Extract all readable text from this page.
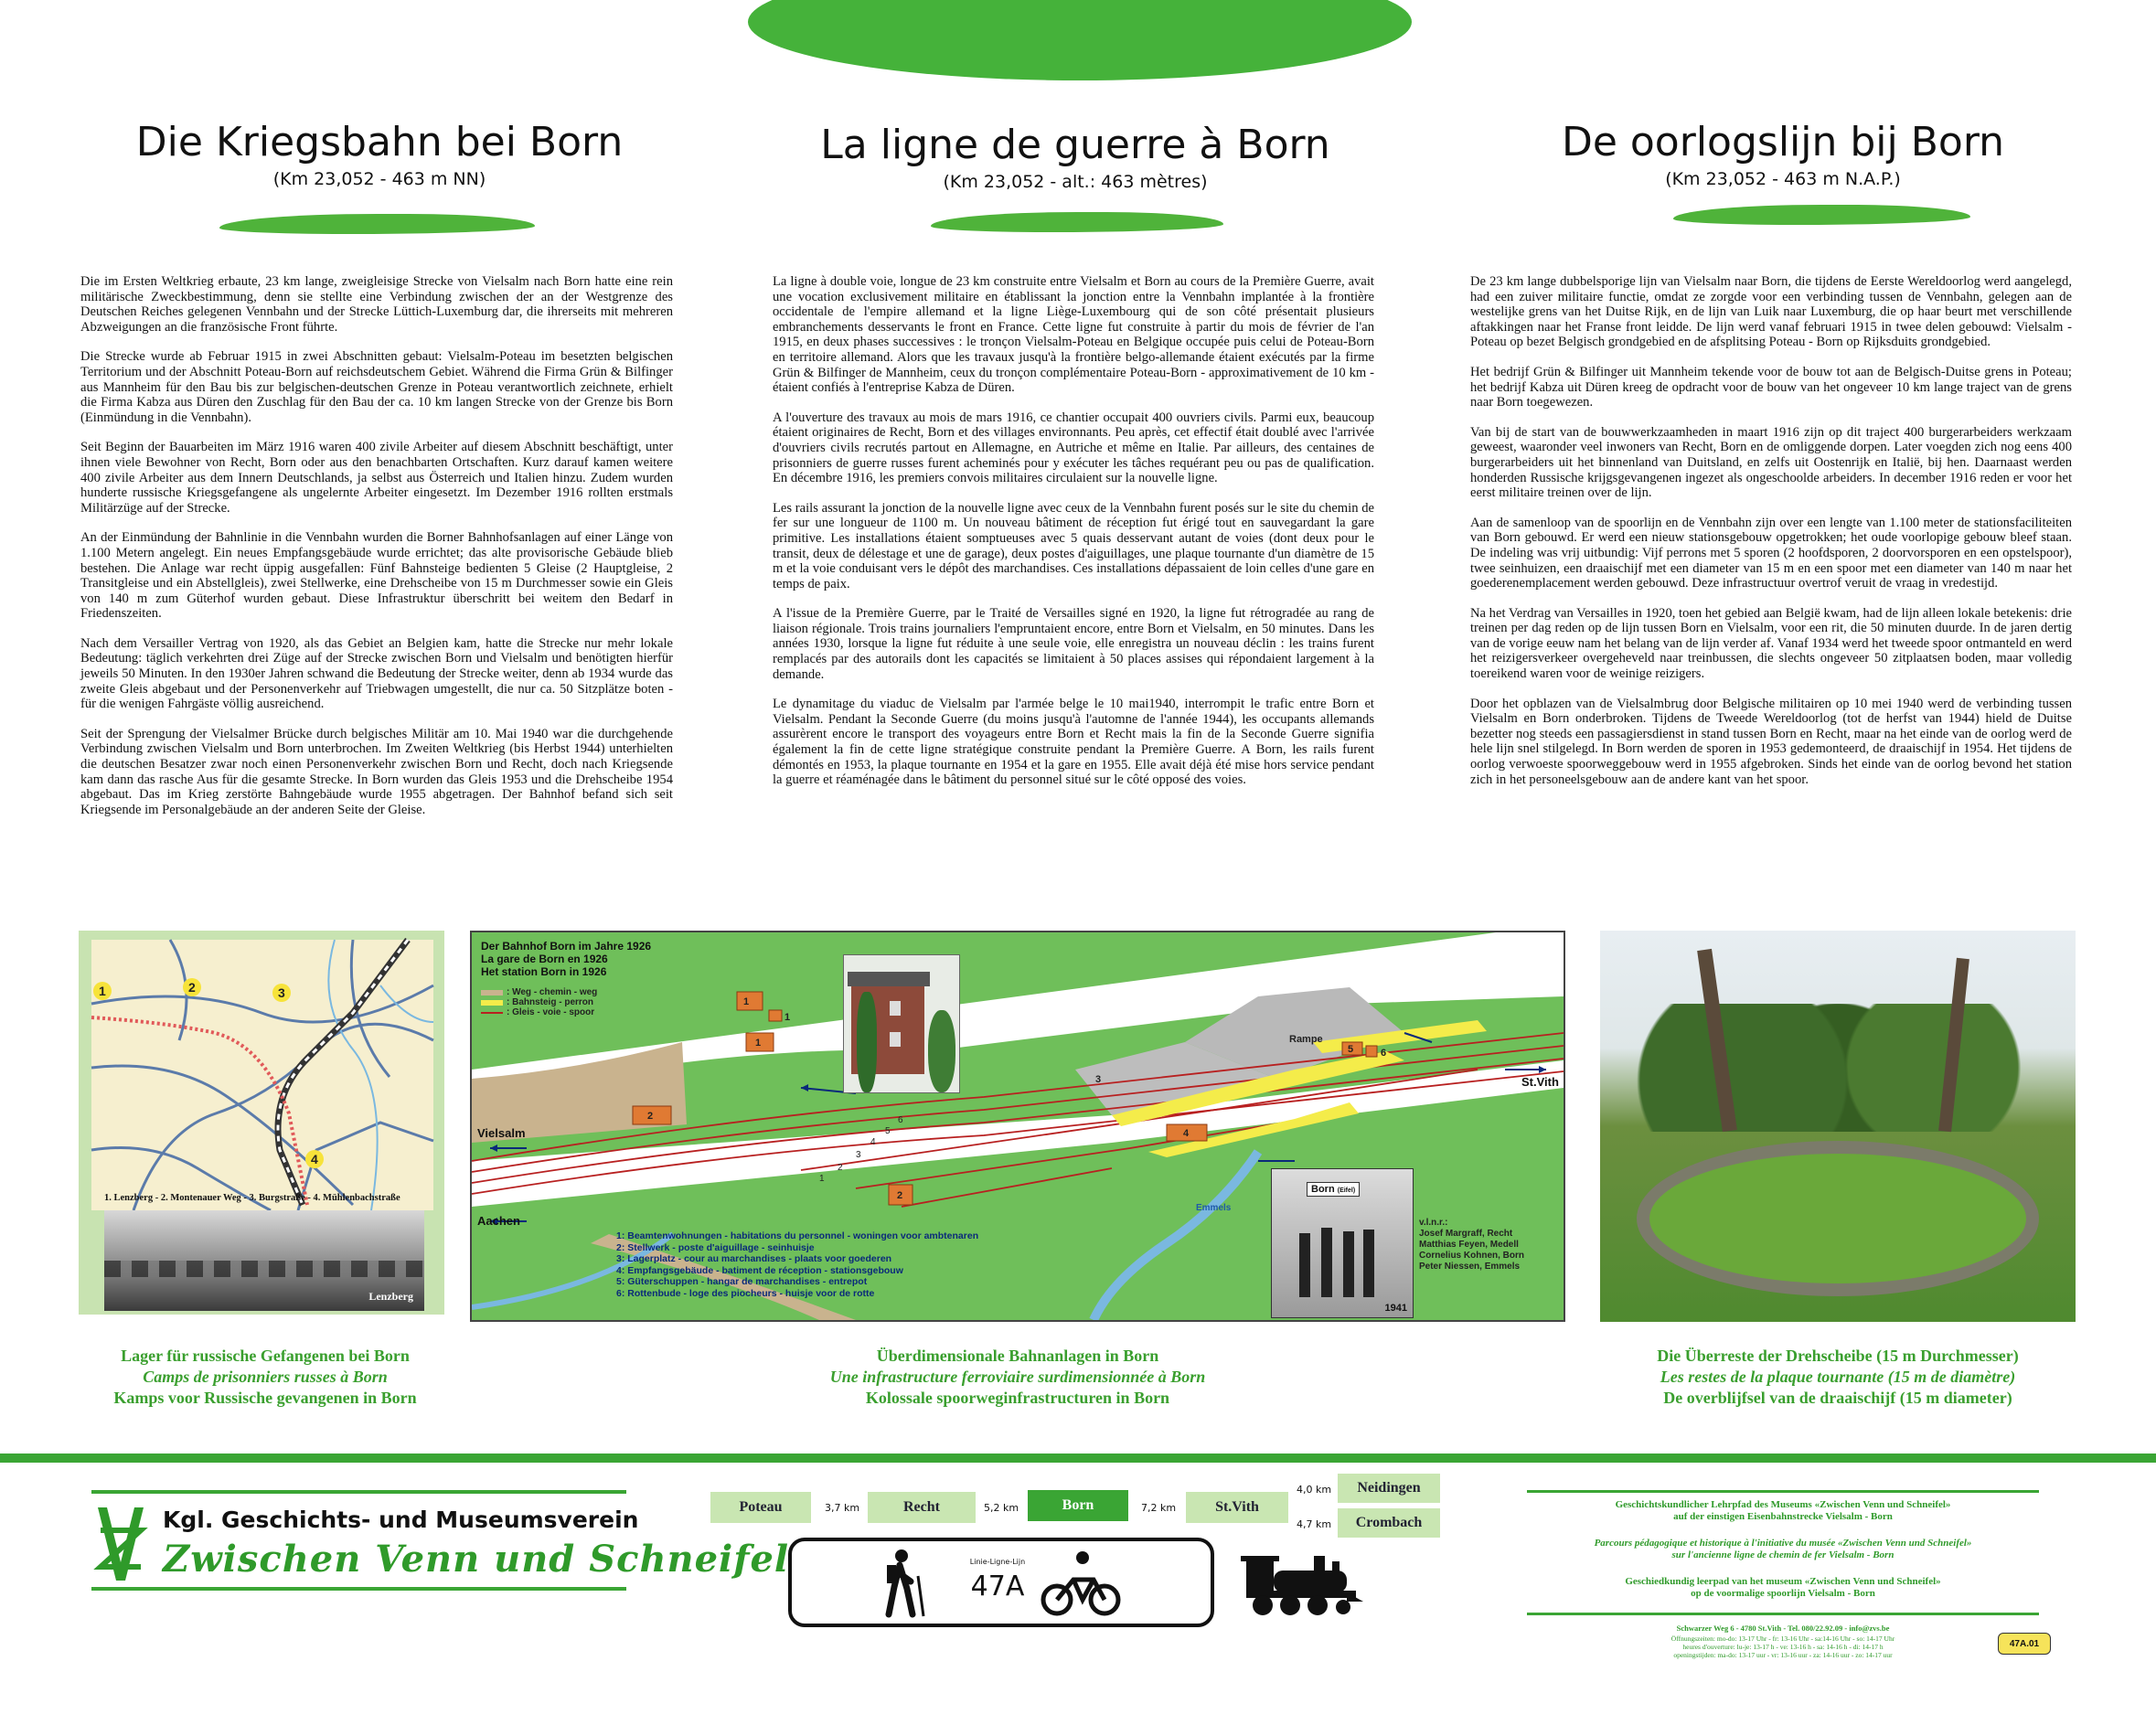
Die Kriegsbahn bei Born
(Km 23,052 - 463 m NN)
La ligne de guerre à Born
(Km 23,052 - alt.: 463 mètres)
De oorlogslijn bij Born
(Km 23,052 - 463 m N.A.P.)

Die im Ersten Weltkrieg erbaute, 23 km lange, zweigleisige Strecke von Vielsalm nach Born hatte eine rein militärische Zweckbestimmung, denn sie stellte eine Verbindung zwischen der an der Westgrenze des Deutschen Reiches gelegenen Vennbahn und der Strecke Lüttich-Luxemburg dar, die ihrerseits mit mehreren Abzweigungen an die französische Front führte.

Die Strecke wurde ab Februar 1915 in zwei Abschnitten gebaut: Vielsalm-Poteau im besetzten belgischen Territorium und der Abschnitt Poteau-Born auf reichsdeutschem Gebiet. Während die Firma Grün & Bilfinger aus Mannheim für den Bau bis zur belgischen-deutschen Grenze in Poteau verantwortlich zeichnete, erhielt die Firma Kabza aus Düren den Zuschlag für den Bau der ca. 10 km langen Strecke von der Grenze bis Born (Einmündung in die Vennbahn).

Seit Beginn der Bauarbeiten im März 1916 waren 400 zivile Arbeiter auf diesem Abschnitt beschäftigt, unter ihnen viele Bewohner von Recht, Born oder aus den benachbarten Ortschaften. Kurz darauf kamen weitere 400 zivile Arbeiter aus dem Innern Deutschlands, ja selbst aus Österreich und Italien hinzu. Zudem wurden hunderte russische Kriegsgefangene als ungelernte Arbeiter eingesetzt. Im Dezember 1916 rollten erstmals Militärzüge auf der Strecke.

An der Einmündung der Bahnlinie in die Vennbahn wurden die Borner Bahnhofsanlagen auf einer Länge von 1.100 Metern angelegt. Ein neues Empfangsgebäude wurde errichtet; das alte provisorische Gebäude blieb bestehen. Die Anlage war recht üppig ausgefallen: Fünf Bahnsteige bedienten 5 Gleise (2 Hauptgleise, 2 Transitgleise und ein Abstellgleis), zwei Stellwerke, eine Drehscheibe von 15 m Durchmesser sowie ein Gleis von 140 m zum Güterhof wurden gebaut. Diese Infrastruktur überschritt bei weitem den Bedarf in Friedenszeiten.

Nach dem Versailler Vertrag von 1920, als das Gebiet an Belgien kam, hatte die Strecke nur mehr lokale Bedeutung: täglich verkehrten drei Züge auf der Strecke zwischen Born und Vielsalm und benötigten hierfür jeweils 50 Minuten. In den 1930er Jahren schwand die Bedeutung der Strecke weiter, denn ab 1934 wurde das zweite Gleis abgebaut und der Personenverkehr auf Triebwagen umgestellt, die nur ca. 50 Sitzplätze boten - für die wenigen Fahrgäste völlig ausreichend.

Seit der Sprengung der Vielsalmer Brücke durch belgisches Militär am 10. Mai 1940 war die durchgehende Verbindung zwischen Vielsalm und Born unterbrochen. Im Zweiten Weltkrieg (bis Herbst 1944) unterhielten die deutschen Besatzer zwar noch einen Personenverkehr zwischen Born und Recht, doch nach Kriegsende kam dann das rasche Aus für die gesamte Strecke. In Born wurden das Gleis 1953 und die Drehscheibe 1954 abgebaut. Das im Krieg zerstörte Bahngebäude wurde 1955 abgetragen. Der Bahnhof befand sich seit Kriegsende im Personalgebäude an der anderen Seite der Gleise.

La ligne à double voie, longue de 23 km construite entre Vielsalm et Born au cours de la Première Guerre, avait une vocation exclusivement militaire en établissant la jonction entre la Vennbahn implantée à la frontière occidentale de l'empire allemand et la ligne Liège-Luxembourg qui de son côté présentait plusieurs embranchements desservants le front en France. Cette ligne fut construite à partir du mois de février de l'an 1915, en deux phases successives : le tronçon Vielsalm-Poteau en Belgique occupée puis celui de Poteau-Born en territoire allemand. Alors que les travaux jusqu'à la frontière belgo-allemande étaient exécutés par la firme Grün & Bilfinger de Mannheim, ceux du tronçon complémentaire Poteau-Born - approximativement de 10 km - étaient confiés à l'entreprise Kabza de Düren.

A l'ouverture des travaux au mois de mars 1916, ce chantier occupait 400 ouvriers civils. Parmi eux, beaucoup étaient originaires de Recht, Born et des villages environnants. Peu après, cet effectif était doublé avec l'arrivée d'ouvriers civils recrutés partout en Allemagne, en Autriche et même en Italie. Par ailleurs, des centaines de prisonniers de guerre russes furent acheminés pour y exécuter les tâches requérant peu ou pas de qualification. En décembre 1916, les premiers convois militaires circulaient sur la nouvelle ligne.

Les rails assurant la jonction de la nouvelle ligne avec ceux de la Vennbahn furent posés sur le site du chemin de fer sur une longueur de 1100 m. Un nouveau bâtiment de réception fut érigé tout en sauvegardant la gare primitive. Les installations étaient somptueuses avec 5 quais desservant autant de voies (dont deux pour le transit, deux de délestage et une de garage), deux postes d'aiguillages, une plaque tournante d'un diamètre de 15 m et la voie conduisant vers le dépôt des marchandises. Ces installations dépassaient de loin celles d'une gare en temps de paix.

A l'issue de la Première Guerre, par le Traité de Versailles signé en 1920, la ligne fut rétrogradée au rang de liaison régionale. Trois trains journaliers l'empruntaient encore, entre Born et Vielsalm, en 50 minutes. Dans les années 1930, lorsque la ligne fut réduite à une seule voie, elle enregistra un nouveau déclin : les trains furent remplacés par des autorails dont les capacités se limitaient à 50 places assises qui répondaient largement à la demande.

Le dynamitage du viaduc de Vielsalm par l'armée belge le 10 mai1940, interrompit le trafic entre Born et Vielsalm. Pendant la Seconde Guerre (du moins jusqu'à l'automne de l'année 1944), les occupants allemands assurèrent encore le transport des voyageurs entre Born et Recht mais la fin de la Seconde Guerre signifia également la fin de cette ligne stratégique construite pendant la Première Guerre. A Born, les rails furent démontés en 1953, la plaque tournante en 1954 et la gare en 1955. Elle avait déjà été mise hors service pendant la guerre et réaménagée dans le bâtiment du personnel situé sur le côté opposé des voies.

De 23 km lange dubbelsporige lijn van Vielsalm naar Born, die tijdens de Eerste Wereldoorlog werd aangelegd, had een zuiver militaire functie, omdat ze zorgde voor een verbinding tussen de Vennbahn, gelegen aan de westelijke grens van het Duitse Rijk, en de lijn van Luik naar Luxemburg, die op haar beurt met verschillende aftakkingen naar het Franse front leidde. De lijn werd vanaf februari 1915 in twee delen gebouwd: Vielsalm -Poteau op bezet Belgisch grondgebied en de afsplitsing Poteau - Born op Rijksduits grondgebied.

Het bedrijf Grün & Bilfinger uit Mannheim tekende voor de bouw tot aan de Belgisch-Duitse grens in Poteau; het bedrijf Kabza uit Düren kreeg de opdracht voor de bouw van het ongeveer 10 km lange traject van de grens naar Born toegewezen.

Van bij de start van de bouwwerkzaamheden in maart 1916 zijn op dit traject 400 burgerarbeiders werkzaam geweest, waaronder veel inwoners van Recht, Born en de omliggende dorpen. Later voegden zich nog eens 400 burgerarbeiders uit het binnenland van Duitsland, en zelfs uit Oostenrijk en Italië, bij hen. Daarnaast werden honderden Russische krijgsgevangenen ingezet als ongeschoolde arbeiders. In december 1916 reden er voor het eerst militaire treinen over de lijn.

Aan de samenloop van de spoorlijn en de Vennbahn zijn over een lengte van 1.100 meter de stationsfaciliteiten van Born gebouwd. Er werd een nieuw stationsgebouw opgetrokken; het oude voorlopige gebouw bleef staan. De indeling was vrij uitbundig: Vijf perrons met 5 sporen (2 hoofdsporen, 2 doorvorsporen en een opstelspoor), twee seinhuizen, een draaischijf met een diameter van 15 m en een spoor met een diameter van 140 m naar het goederenemplacement werden gebouwd. Deze infrastructuur overtrof veruit de vraag in vredestijd.

Na het Verdrag van Versailles in 1920, toen het gebied aan België kwam, had de lijn alleen lokale betekenis: drie treinen per dag reden op de lijn tussen Born en Vielsalm, voor een rit, die 50 minuten duurde. In de jaren dertig van de vorige eeuw nam het belang van de lijn verder af. Vanaf 1934 werd het tweede spoor ontmanteld en werd het reizigersverkeer overgeheveld naar treinbussen, die slechts ongeveer 50 zitplaatsen boden, maar volledig toereikend waren voor de weinige reizigers.

Door het opblazen van de Vielsalmbrug door Belgische militairen op 10 mei 1940 werd de verbinding tussen Vielsalm en Born onderbroken. Tijdens de Tweede Wereldoorlog (tot de herfst van 1944) hield de Duitse bezetter nog steeds een passagiersdienst in stand tussen Born en Recht, maar na het einde van de oorlog werd de hele lijn snel stilgelegd. In Born werden de sporen in 1953 gedemonteerd, de draaischijf in 1954. Het tijdens de oorlog verwoeste spoorweggebouw werd in 1955 afgebroken. Sinds het einde van de oorlog bevond het station zich in het personeelsgebouw aan de andere kant van het spoor.

1	2	3
4
1. Lenzberg - 2. Montenauer Weg - 3. Burgstraße - 4. Mühlenbachstraße
Lenzberg
1
1
1
2
2
4
5	6
3
Rampe
1
2
3
4
5
6
Der Bahnhof Born im Jahre 1926
La gare de Born en 1926
Het station Born in 1926
: Weg - chemin - weg
: Bahnsteig - perron
: Gleis - voie - spoor
Vielsalm
Aachen
St.Vith
Emmels
1: Beamtenwohnungen - habitations du personnel - woningen voor ambtenaren
2: Stellwerk - poste d'aiguillage - seinhuisje
3: Lagerplatz - cour au marchandises - plaats voor goederen
4: Empfangsgebäude - batiment de réception - stationsgebouw
5: Güterschuppen - hangar de marchandises - entrepot
6: Rottenbude - loge des piocheurs - huisje voor de rotte
Born (Eifel)
1941
v.l.n.r.:
Josef Margraff, Recht
Matthias Feyen, Medell
Cornelius Kohnen, Born
Peter Niessen, Emmels
Lager für russische Gefangenen bei Born
Camps de prisonniers russes à Born
Kamps voor Russische gevangenen in Born
Überdimensionale Bahnanlagen in Born
Une infrastructure ferroviaire surdimensionnée à Born
Kolossale spoorweginfrastructuren in Born
Die Überreste der Drehscheibe (15 m Durchmesser)
Les restes de la plaque tournante (15 m de diamètre)
De overblijfsel van de draaischijf (15 m diameter)
Kgl. Geschichts- und Museumsverein
Zwischen Venn und Schneifel
Poteau	3,7 km	Recht	5,2 km	Born	7,2 km	St.Vith
4,0 km	Neidingen
4,7 km	Crombach
Linie-Ligne-Lijn
47A
Geschichtskundlicher Lehrpfad des Museums «Zwischen Venn und Schneifel»
auf der einstigen Eisenbahnstrecke Vielsalm - Born
Parcours pédagogique et historique à l'initiative du musée «Zwischen Venn und Schneifel»
sur l'ancienne ligne de chemin de fer Vielsalm - Born
Geschiedkundig leerpad van het museum «Zwischen Venn und Schneifel»
op de voormalige spoorlijn Vielsalm - Born
Schwarzer Weg 6 - 4780 St.Vith - Tel. 080/22.92.09 - info@zvs.be
Öffnungszeiten: mo-do: 13-17 Uhr - fr: 13-16 Uhr - sa:14-16 Uhr - so: 14-17 Uhr
heures d'ouverture: lu-je: 13-17 h - ve: 13-16 h - sa: 14-16 h - di: 14-17 h
openingstijden: ma-do: 13-17 uur - vr: 13-16 uur - za: 14-16 uur - zo: 14-17 uur
47A.01
